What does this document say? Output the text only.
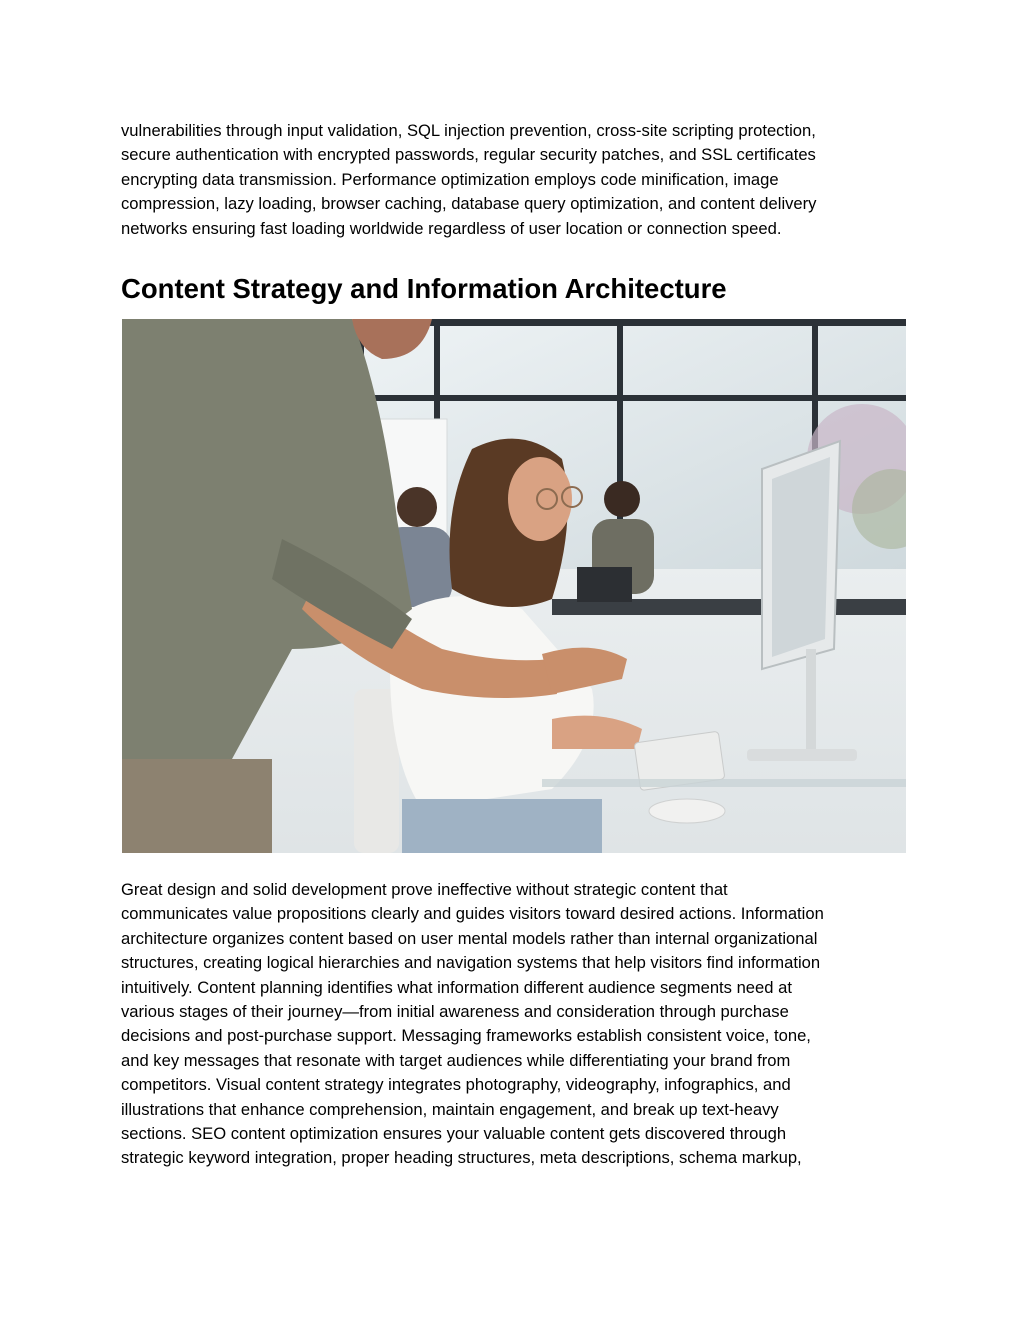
vulnerabilities through input validation, SQL injection prevention, cross-site scripting protection,
secure authentication with encrypted passwords, regular security patches, and SSL certificates
encrypting data transmission. Performance optimization employs code minification, image
compression, lazy loading, browser caching, database query optimization, and content delivery
networks ensuring fast loading worldwide regardless of user location or connection speed.

Content Strategy and Information Architecture

Great design and solid development prove ineffective without strategic content that
communicates value propositions clearly and guides visitors toward desired actions. Information
architecture organizes content based on user mental models rather than internal organizational
structures, creating logical hierarchies and navigation systems that help visitors find information
intuitively. Content planning identifies what information different audience segments need at
various stages of their journey—from initial awareness and consideration through purchase
decisions and post-purchase support. Messaging frameworks establish consistent voice, tone,
and key messages that resonate with target audiences while differentiating your brand from
competitors. Visual content strategy integrates photography, videography, infographics, and
illustrations that enhance comprehension, maintain engagement, and break up text-heavy
sections. SEO content optimization ensures your valuable content gets discovered through
strategic keyword integration, proper heading structures, meta descriptions, schema markup,
